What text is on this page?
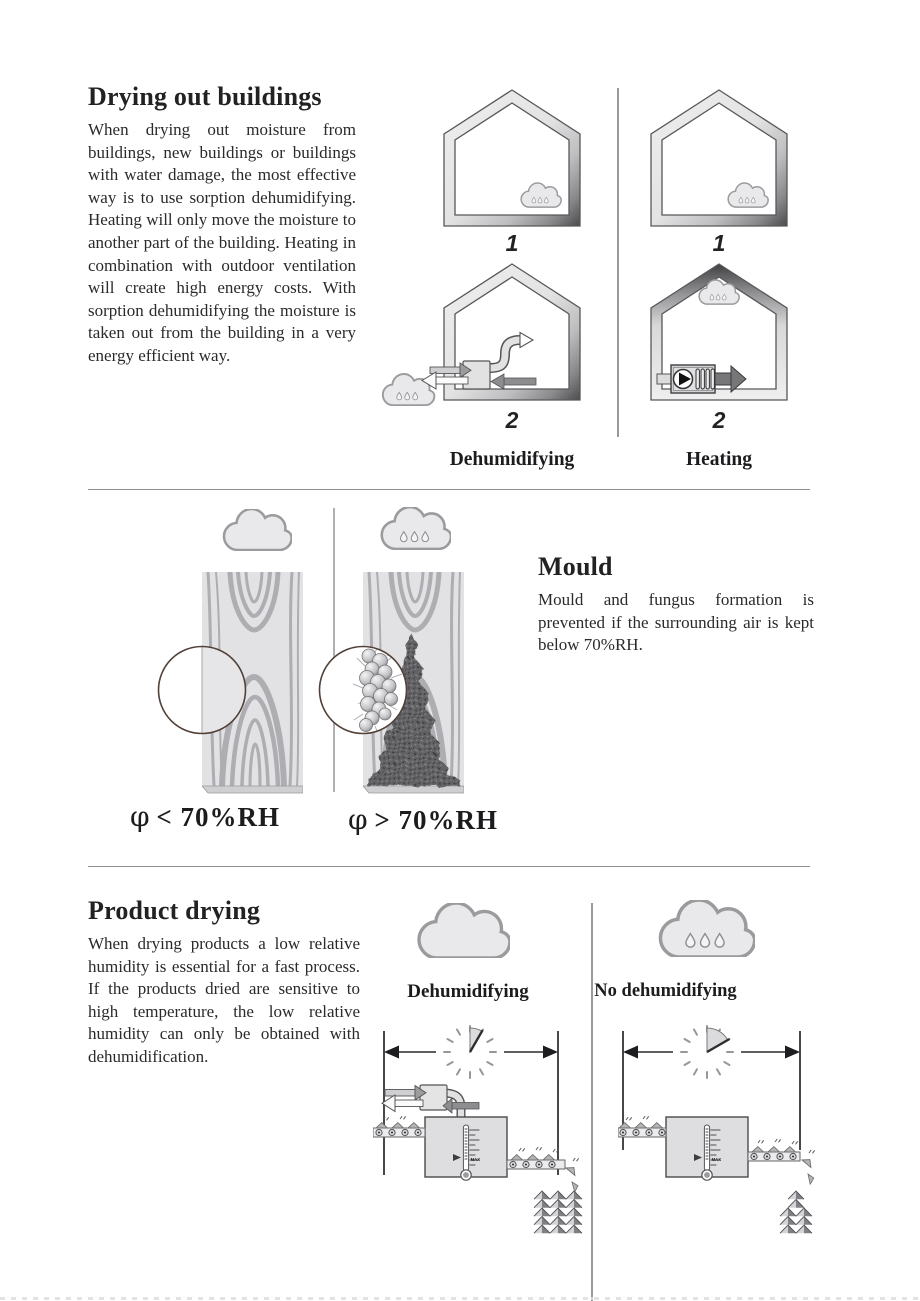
Drying out buildings
When drying out moisture from buildings, new buildings or buildings with water damage, the most effective way is to use sorption dehumidifying. Heating will only move the moisture to another part of the building. Heating in combination with outdoor ventilation will create high energy costs. With sorption dehumidifying the moisture is taken out from the building in a very energy efficient way.
1	1
2	2
Dehumidifying	Heating
φ < 70%RH φ > 70%RH
Mould
Mould and fungus formation is prevented if the surrounding air is kept below 70%RH.
Product drying
When drying products a low relative humidity is essential for a fast process. If the products dried are sensitive to high temperature, the low relative humidity can only be obtained with dehumidification.
Dehumidifying	No dehumidifying
MAX	MAX
